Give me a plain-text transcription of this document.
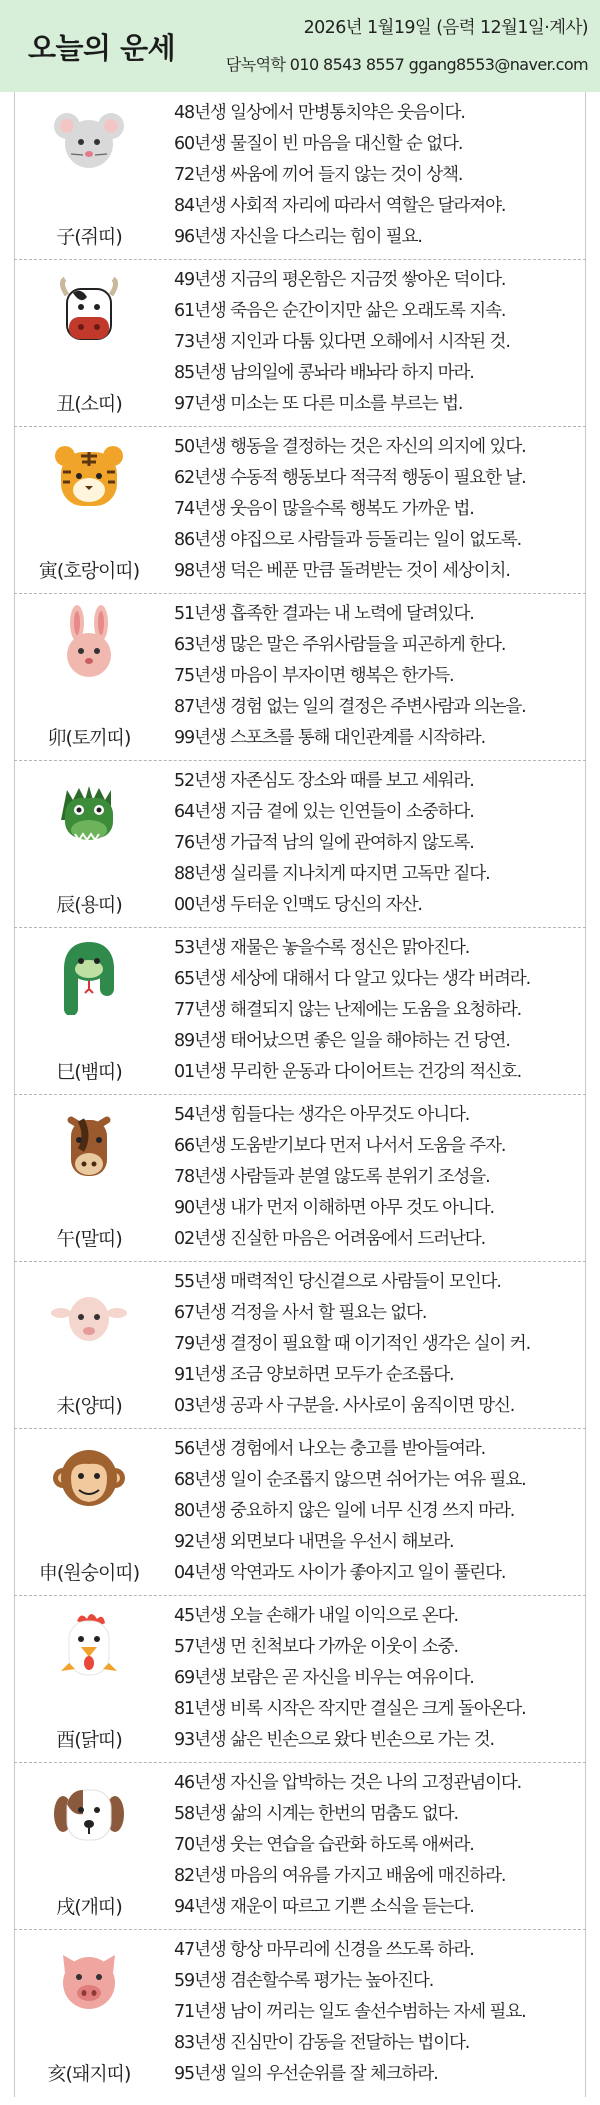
오늘의 운세
2026년 1월19일 (음력 12월1일·계사)
담녹역학 010 8543 8557 ggang8553@naver.com
子(쥐띠)
48년생 일상에서 만병통치약은 웃음이다.
60년생 물질이 빈 마음을 대신할 순 없다.
72년생 싸움에 끼어 들지 않는 것이 상책.
84년생 사회적 자리에 따라서 역할은 달라져야.
96년생 자신을 다스리는 힘이 필요.
丑(소띠)
49년생 지금의 평온함은 지금껏 쌓아온 덕이다.
61년생 죽음은 순간이지만 삶은 오래도록 지속.
73년생 지인과 다툼 있다면 오해에서 시작된 것.
85년생 남의일에 콩놔라 배놔라 하지 마라.
97년생 미소는 또 다른 미소를 부르는 법.
寅(호랑이띠)
50년생 행동을 결정하는 것은 자신의 의지에 있다.
62년생 수동적 행동보다 적극적 행동이 필요한 날.
74년생 웃음이 많을수록 행복도 가까운 법.
86년생 야집으로 사람들과 등돌리는 일이 없도록.
98년생 덕은 베푼 만큼 돌려받는 것이 세상이치.
卯(토끼띠)
51년생 흡족한 결과는 내 노력에 달려있다.
63년생 많은 말은 주위사람들을 피곤하게 한다.
75년생 마음이 부자이면 행복은 한가득.
87년생 경험 없는 일의 결정은 주변사람과 의논을.
99년생 스포츠를 통해 대인관계를 시작하라.
辰(용띠)
52년생 자존심도 장소와 때를 보고 세워라.
64년생 지금 곁에 있는 인연들이 소중하다.
76년생 가급적 남의 일에 관여하지 않도록.
88년생 실리를 지나치게 따지면 고독만 짙다.
00년생 두터운 인맥도 당신의 자산.
巳(뱀띠)
53년생 재물은 놓을수록 정신은 맑아진다.
65년생 세상에 대해서 다 알고 있다는 생각 버려라.
77년생 해결되지 않는 난제에는 도움을 요청하라.
89년생 태어났으면 좋은 일을 해야하는 건 당연.
01년생 무리한 운동과 다이어트는 건강의 적신호.
午(말띠)
54년생 힘들다는 생각은 아무것도 아니다.
66년생 도움받기보다 먼저 나서서 도움을 주자.
78년생 사람들과 분열 않도록 분위기 조성을.
90년생 내가 먼저 이해하면 아무 것도 아니다.
02년생 진실한 마음은 어려움에서 드러난다.
未(양띠)
55년생 매력적인 당신곁으로 사람들이 모인다.
67년생 걱정을 사서 할 필요는 없다.
79년생 결정이 필요할 때 이기적인 생각은 실이 커.
91년생 조금 양보하면 모두가 순조롭다.
03년생 공과 사 구분을. 사사로이 움직이면 망신.
申(원숭이띠)
56년생 경험에서 나오는 충고를 받아들여라.
68년생 일이 순조롭지 않으면 쉬어가는 여유 필요.
80년생 중요하지 않은 일에 너무 신경 쓰지 마라.
92년생 외면보다 내면을 우선시 해보라.
04년생 악연과도 사이가 좋아지고 일이 풀린다.
酉(닭띠)
45년생 오늘 손해가 내일 이익으로 온다.
57년생 먼 친척보다 가까운 이웃이 소중.
69년생 보람은 곧 자신을 비우는 여유이다.
81년생 비록 시작은 작지만 결실은 크게 돌아온다.
93년생 삶은 빈손으로 왔다 빈손으로 가는 것.
戌(개띠)
46년생 자신을 압박하는 것은 나의 고정관념이다.
58년생 삶의 시계는 한번의 멈춤도 없다.
70년생 웃는 연습을 습관화 하도록 애써라.
82년생 마음의 여유를 가지고 배움에 매진하라.
94년생 재운이 따르고 기쁜 소식을 듣는다.
亥(돼지띠)
47년생 항상 마무리에 신경을 쓰도록 하라.
59년생 겸손할수록 평가는 높아진다.
71년생 남이 꺼리는 일도 솔선수범하는 자세 필요.
83년생 진심만이 감동을 전달하는 법이다.
95년생 일의 우선순위를 잘 체크하라.
